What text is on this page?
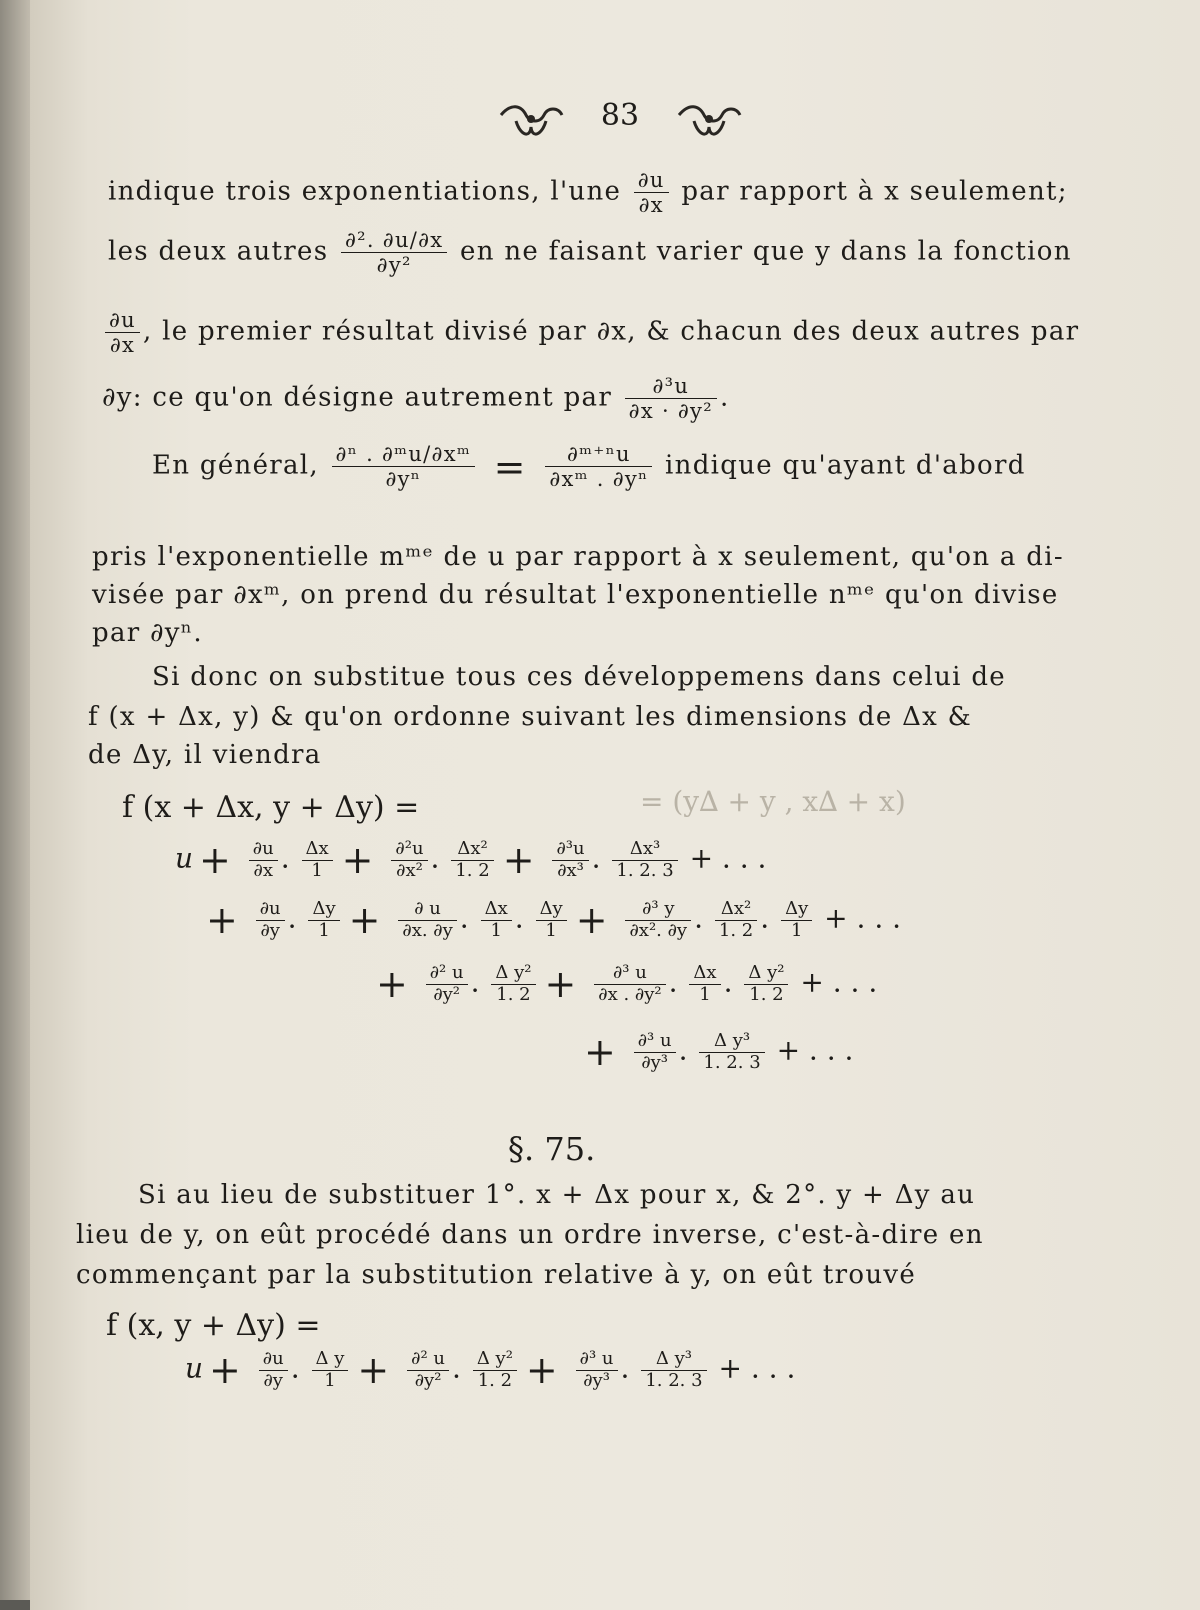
= (y∆ + y , x∆ + x)
83
indique trois exponentiations, $l'une \frac{\partial u}{\partial x}$ par rapport à x seulement;
les deux autres $\frac{\text{∂². ∂u/∂x}}{\text{∂y²}}$ en ne faisant varier que y dans la fonction
$\frac{\partial u}{\partial x}$ , le premier résultat divisé par ∂x, & chacun des deux autres par
∂y: ce qu'on désigne autrement par $\frac{\text{∂³u}}{\text{∂x · ∂y²}}$ .
En général, $\frac{\text{∂ⁿ . ∂ᵐu/∂xᵐ}}{\text{∂yⁿ}} = \frac{\text{∂ᵐ⁺ⁿu}}{\text{∂xᵐ . ∂yⁿ}}$ indique qu'ayant d'abord
pris l'exponentielle mᵐᵉ de u par rapport à x seulement, qu'on a di-
visée par ∂xᵐ, on prend du résultat l'exponentielle nᵐᵉ qu'on divise
par ∂yⁿ.
Si donc on substitue tous ces développemens dans celui de
f (x + Δx, y) & qu'on ordonne suivant les dimensions de Δx &
de Δy, il viendra
f (x + Δx, y + Δy) =
$u + \frac{\partial u}{\partial x}$ . $\frac{\Delta x}{1} + \frac{\text{∂²u}}{\text{∂x²}}$ . $\frac{\text{Δx²}}{1. 2} + \frac{\text{∂³u}}{\text{∂x³}}$ . $\frac{\text{Δx³}}{1. 2. 3}$ + . . .
+ $\frac{\partial u}{\partial y}$ . $\frac{\Delta y}{1} + \frac{\partial u}{\partial x. \partial y}$ . $\frac{\Delta x}{1}$ . $\frac{\Delta y}{1} + \frac{\text{∂³ y}}{\text{∂x². ∂y}}$ . $\frac{\text{Δx²}}{1. 2}$ . $\frac{\Delta y}{1}$ + . . .
+ $\frac{\text{∂² u}}{\text{∂y²}}$ . $\frac{\text{Δ y²}}{1. 2} + \frac{\text{∂³ u}}{\text{∂x . ∂y²}}$ . $\frac{\Delta x}{1}$ . $\frac{\text{Δ y²}}{1. 2}$ + . . .
+ $\frac{\text{∂³ u}}{\text{∂y³}}$ . $\frac{\text{Δ y³}}{1. 2. 3}$ + . . .
§. 75.
Si au lieu de substituer 1°. x + Δx pour x, & 2°. y + Δy au
lieu de y, on eût procédé dans un ordre inverse, c'est-à-dire en
commençant par la substitution relative à y, on eût trouvé
f (x, y + Δy) =
$u + \frac{\partial u}{\partial y}$ . $\frac{\text{Δ y}}{1} + \frac{\text{∂² u}}{\text{∂y²}}$ . $\frac{\text{Δ y²}}{1. 2} + \frac{\text{∂³ u}}{\text{∂y³}}$ . $\frac{\text{Δ y³}}{1. 2. 3}$ + . . .
